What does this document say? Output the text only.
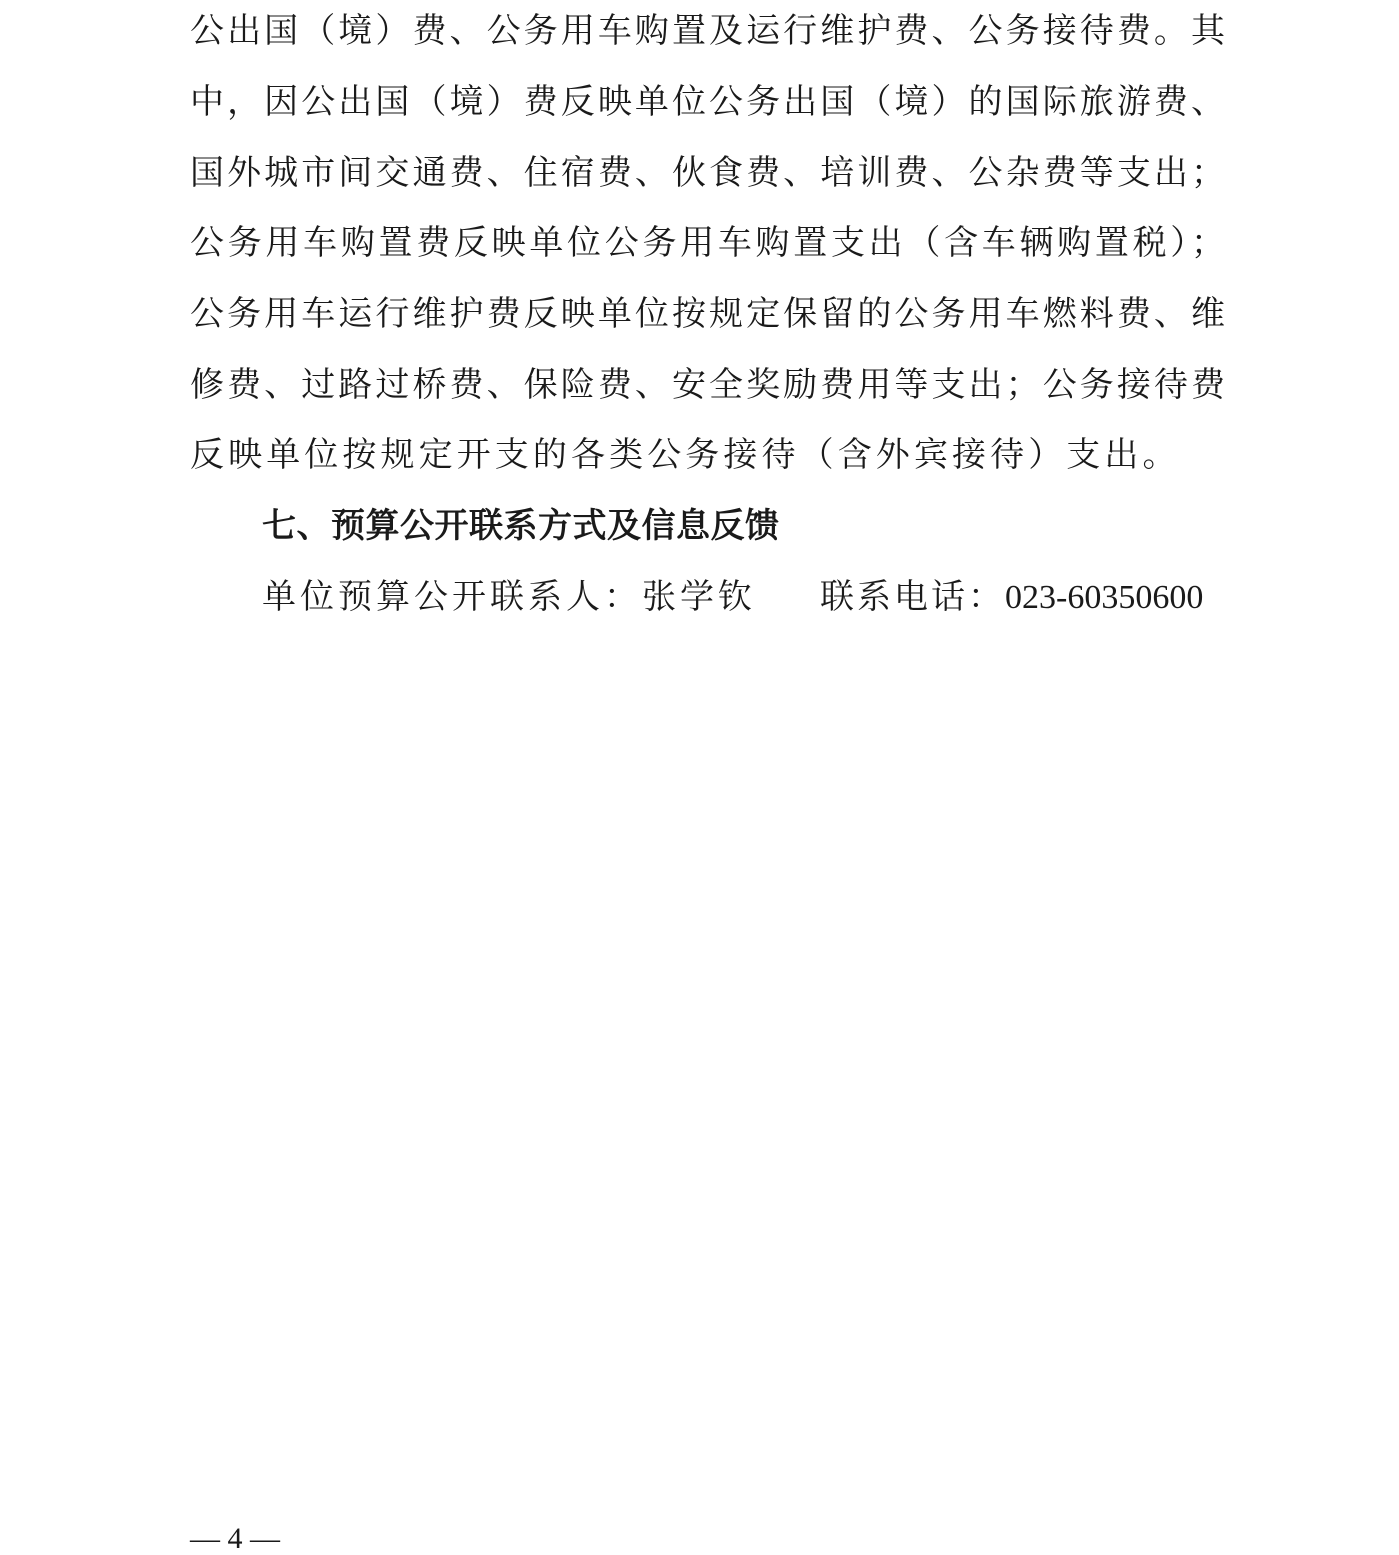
公出国（境）费、公务用车购置及运行维护费、公务接待费。其
中，因公出国（境）费反映单位公务出国（境）的国际旅游费、
国外城市间交通费、住宿费、伙食费、培训费、公杂费等支出；
公务用车购置费反映单位公务用车购置支出（含车辆购置税）；
公务用车运行维护费反映单位按规定保留的公务用车燃料费、维
修费、过路过桥费、保险费、安全奖励费用等支出；公务接待费
反映单位按规定开支的各类公务接待（含外宾接待）支出。
七、预算公开联系方式及信息反馈
单位预算公开联系人：张学钦 联系电话：023-60350600
— 4 —
